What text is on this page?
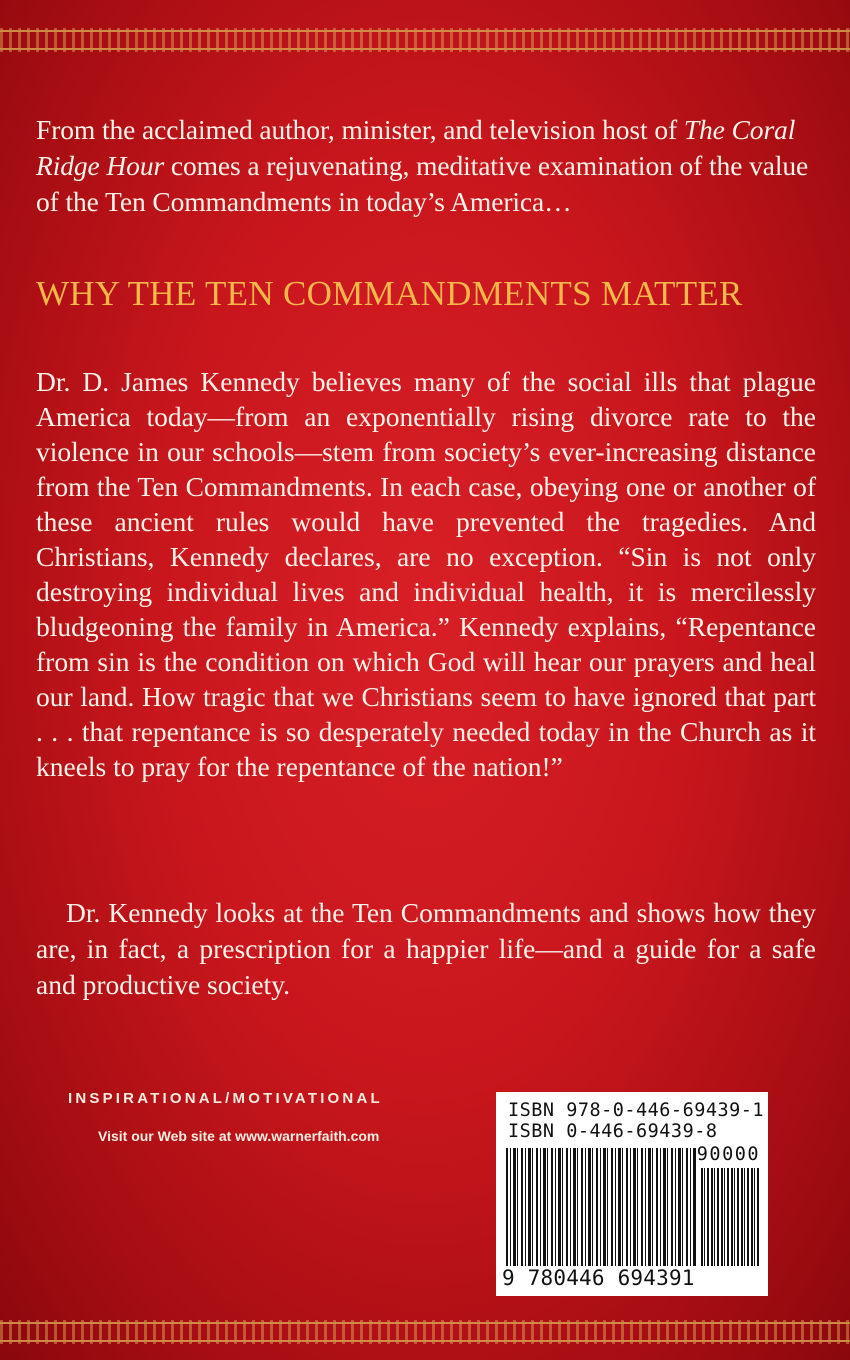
From the acclaimed author, minister, and television host of The Coral Ridge Hour comes a rejuvenating, meditative examination of the value of the Ten Commandments in today’s America…

WHY THE TEN COMMANDMENTS MATTER

Dr. D. James Kennedy believes many of the social ills that plague America today—from an exponentially rising divorce rate to the violence in our schools—stem from society’s ever-increasing distance from the Ten Commandments. In each case, obeying one or another of these ancient rules would have prevented the tragedies. And Christians, Kennedy declares, are no exception. “Sin is not only destroying individual lives and individual health, it is mercilessly bludgeoning the family in America.” Kennedy explains, “Repentance from sin is the condition on which God will hear our prayers and heal our land. How tragic that we Christians seem to have ignored that part . . . that repentance is so desperately needed today in the Church as it kneels to pray for the repentance of the nation!”

Dr. Kennedy looks at the Ten Commandments and shows how they are, in fact, a prescription for a happier life—and a guide for a safe and productive society.

INSPIRATIONAL/MOTIVATIONAL
Visit our Web site at www.warnerfaith.com
ISBN 978-0-446-69439-1
ISBN 0-446-69439-8
90000
9 780446 694391
